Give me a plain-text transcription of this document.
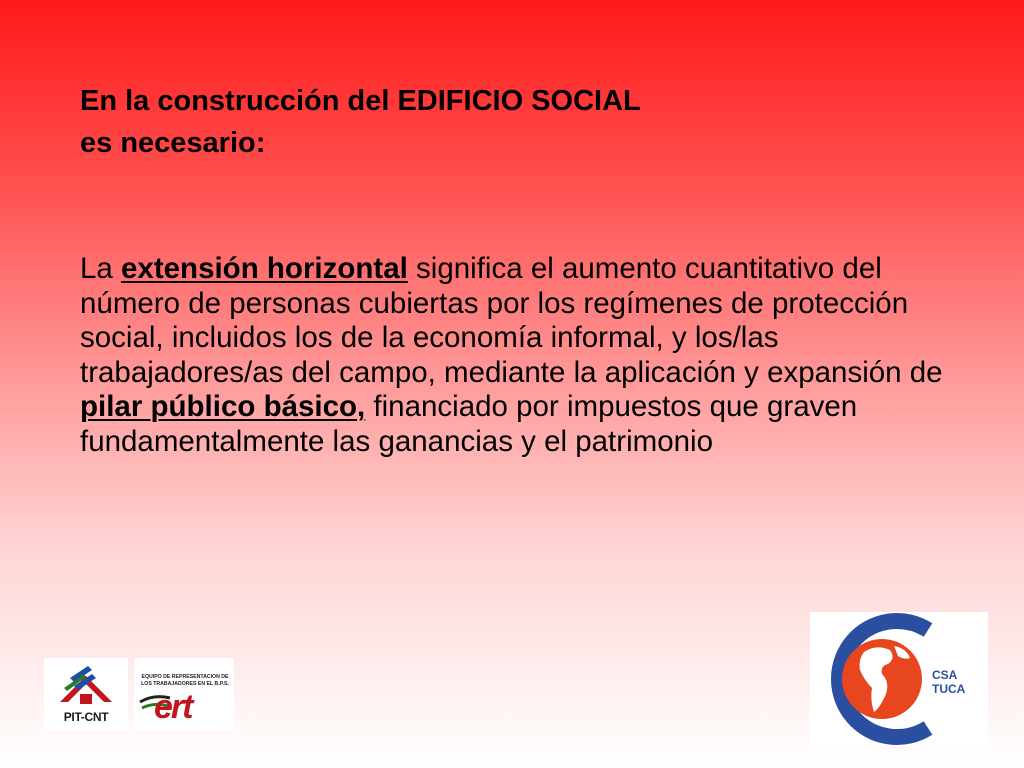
En la construcción del EDIFICIO SOCIAL
es necesario:
La extensión horizontal significa el aumento cuantitativo del número de personas cubiertas por los regímenes de protección social, incluidos los de la economía informal, y los/las trabajadores/as del campo, mediante la aplicación y expansión de pilar público básico, financiado por impuestos que graven fundamentalmente las ganancias y el patrimonio
PIT-CNT
EQUIPO DE REPRESENTACION DE LOS TRABAJADORES EN EL B.P.S.
ert
CSA
TUCA
